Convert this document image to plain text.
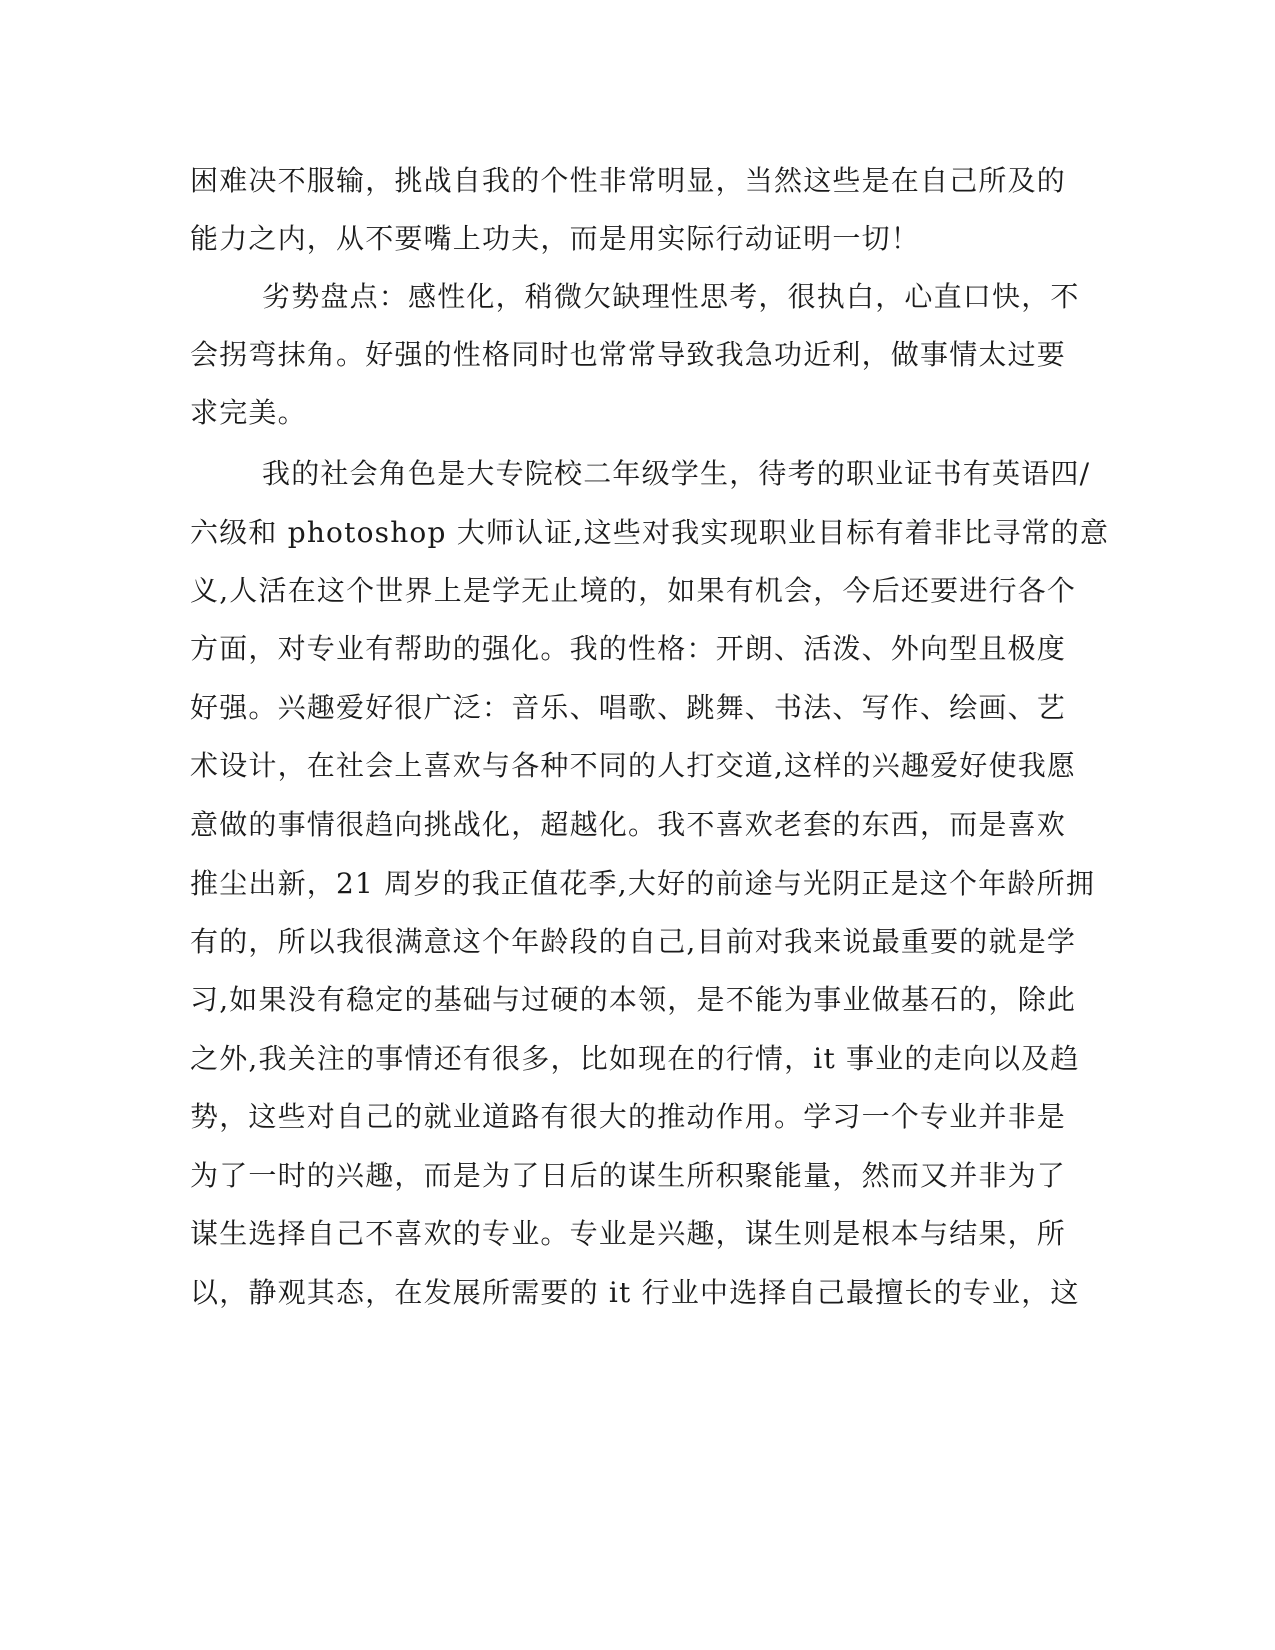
困难决不服输，挑战自我的个性非常明显，当然这些是在自己所及的
能力之内，从不要嘴上功夫，而是用实际行动证明一切！
劣势盘点：感性化，稍微欠缺理性思考，很执白，心直口快，不
会拐弯抹角。好强的性格同时也常常导致我急功近利，做事情太过要
求完美。
我的社会角色是大专院校二年级学生，待考的职业证书有英语四/
六级和 photoshop 大师认证,这些对我实现职业目标有着非比寻常的意
义,人活在这个世界上是学无止境的，如果有机会，今后还要进行各个
方面，对专业有帮助的强化。我的性格：开朗、活泼、外向型且极度
好强。兴趣爱好很广泛：音乐、唱歌、跳舞、书法、写作、绘画、艺
术设计，在社会上喜欢与各种不同的人打交道,这样的兴趣爱好使我愿
意做的事情很趋向挑战化，超越化。我不喜欢老套的东西，而是喜欢
推尘出新，21 周岁的我正值花季,大好的前途与光阴正是这个年龄所拥
有的，所以我很满意这个年龄段的自己,目前对我来说最重要的就是学
习,如果没有稳定的基础与过硬的本领，是不能为事业做基石的，除此
之外,我关注的事情还有很多，比如现在的行情，it 事业的走向以及趋
势，这些对自己的就业道路有很大的推动作用。学习一个专业并非是
为了一时的兴趣，而是为了日后的谋生所积聚能量，然而又并非为了
谋生选择自己不喜欢的专业。专业是兴趣，谋生则是根本与结果，所
以，静观其态，在发展所需要的 it 行业中选择自己最擅长的专业，这
